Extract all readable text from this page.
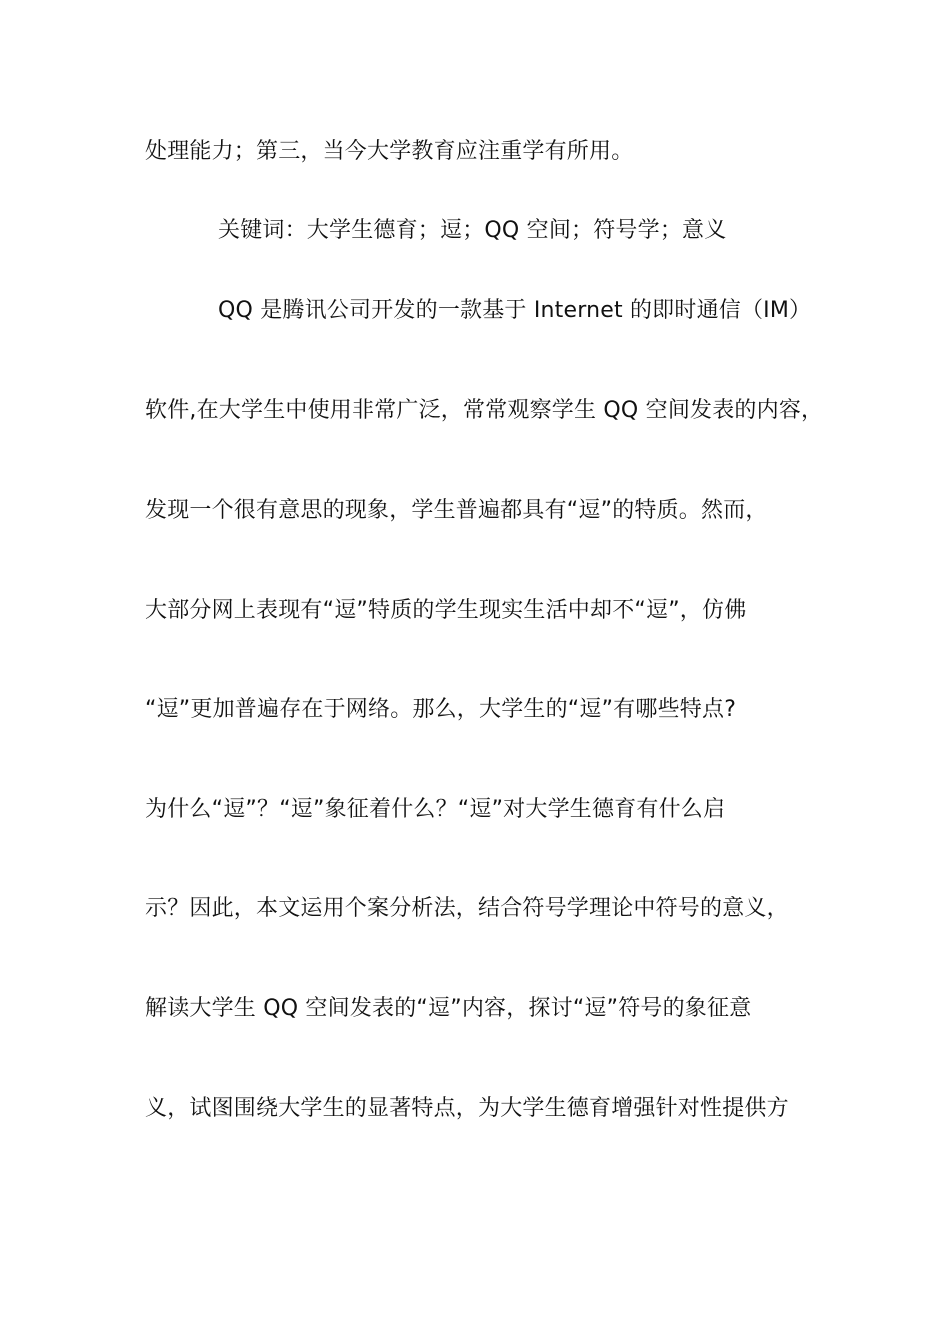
处理能力；第三，当今大学教育应注重学有所用。
关键词：大学生德育；逗；QQ 空间；符号学；意义
QQ 是腾讯公司开发的一款基于 Internet 的即时通信（IM）
软件,在大学生中使用非常广泛，常常观察学生 QQ 空间发表的内容，
发现一个很有意思的现象，学生普遍都具有“逗”的特质。然而，
大部分网上表现有“逗”特质的学生现实生活中却不“逗”，仿佛
“逗”更加普遍存在于网络。那么，大学生的“逗”有哪些特点?
为什么“逗”？“逗”象征着什么？“逗”对大学生德育有什么启
示？因此，本文运用个案分析法，结合符号学理论中符号的意义，
解读大学生 QQ 空间发表的“逗”内容，探讨“逗”符号的象征意
义，试图围绕大学生的显著特点，为大学生德育增强针对性提供方
